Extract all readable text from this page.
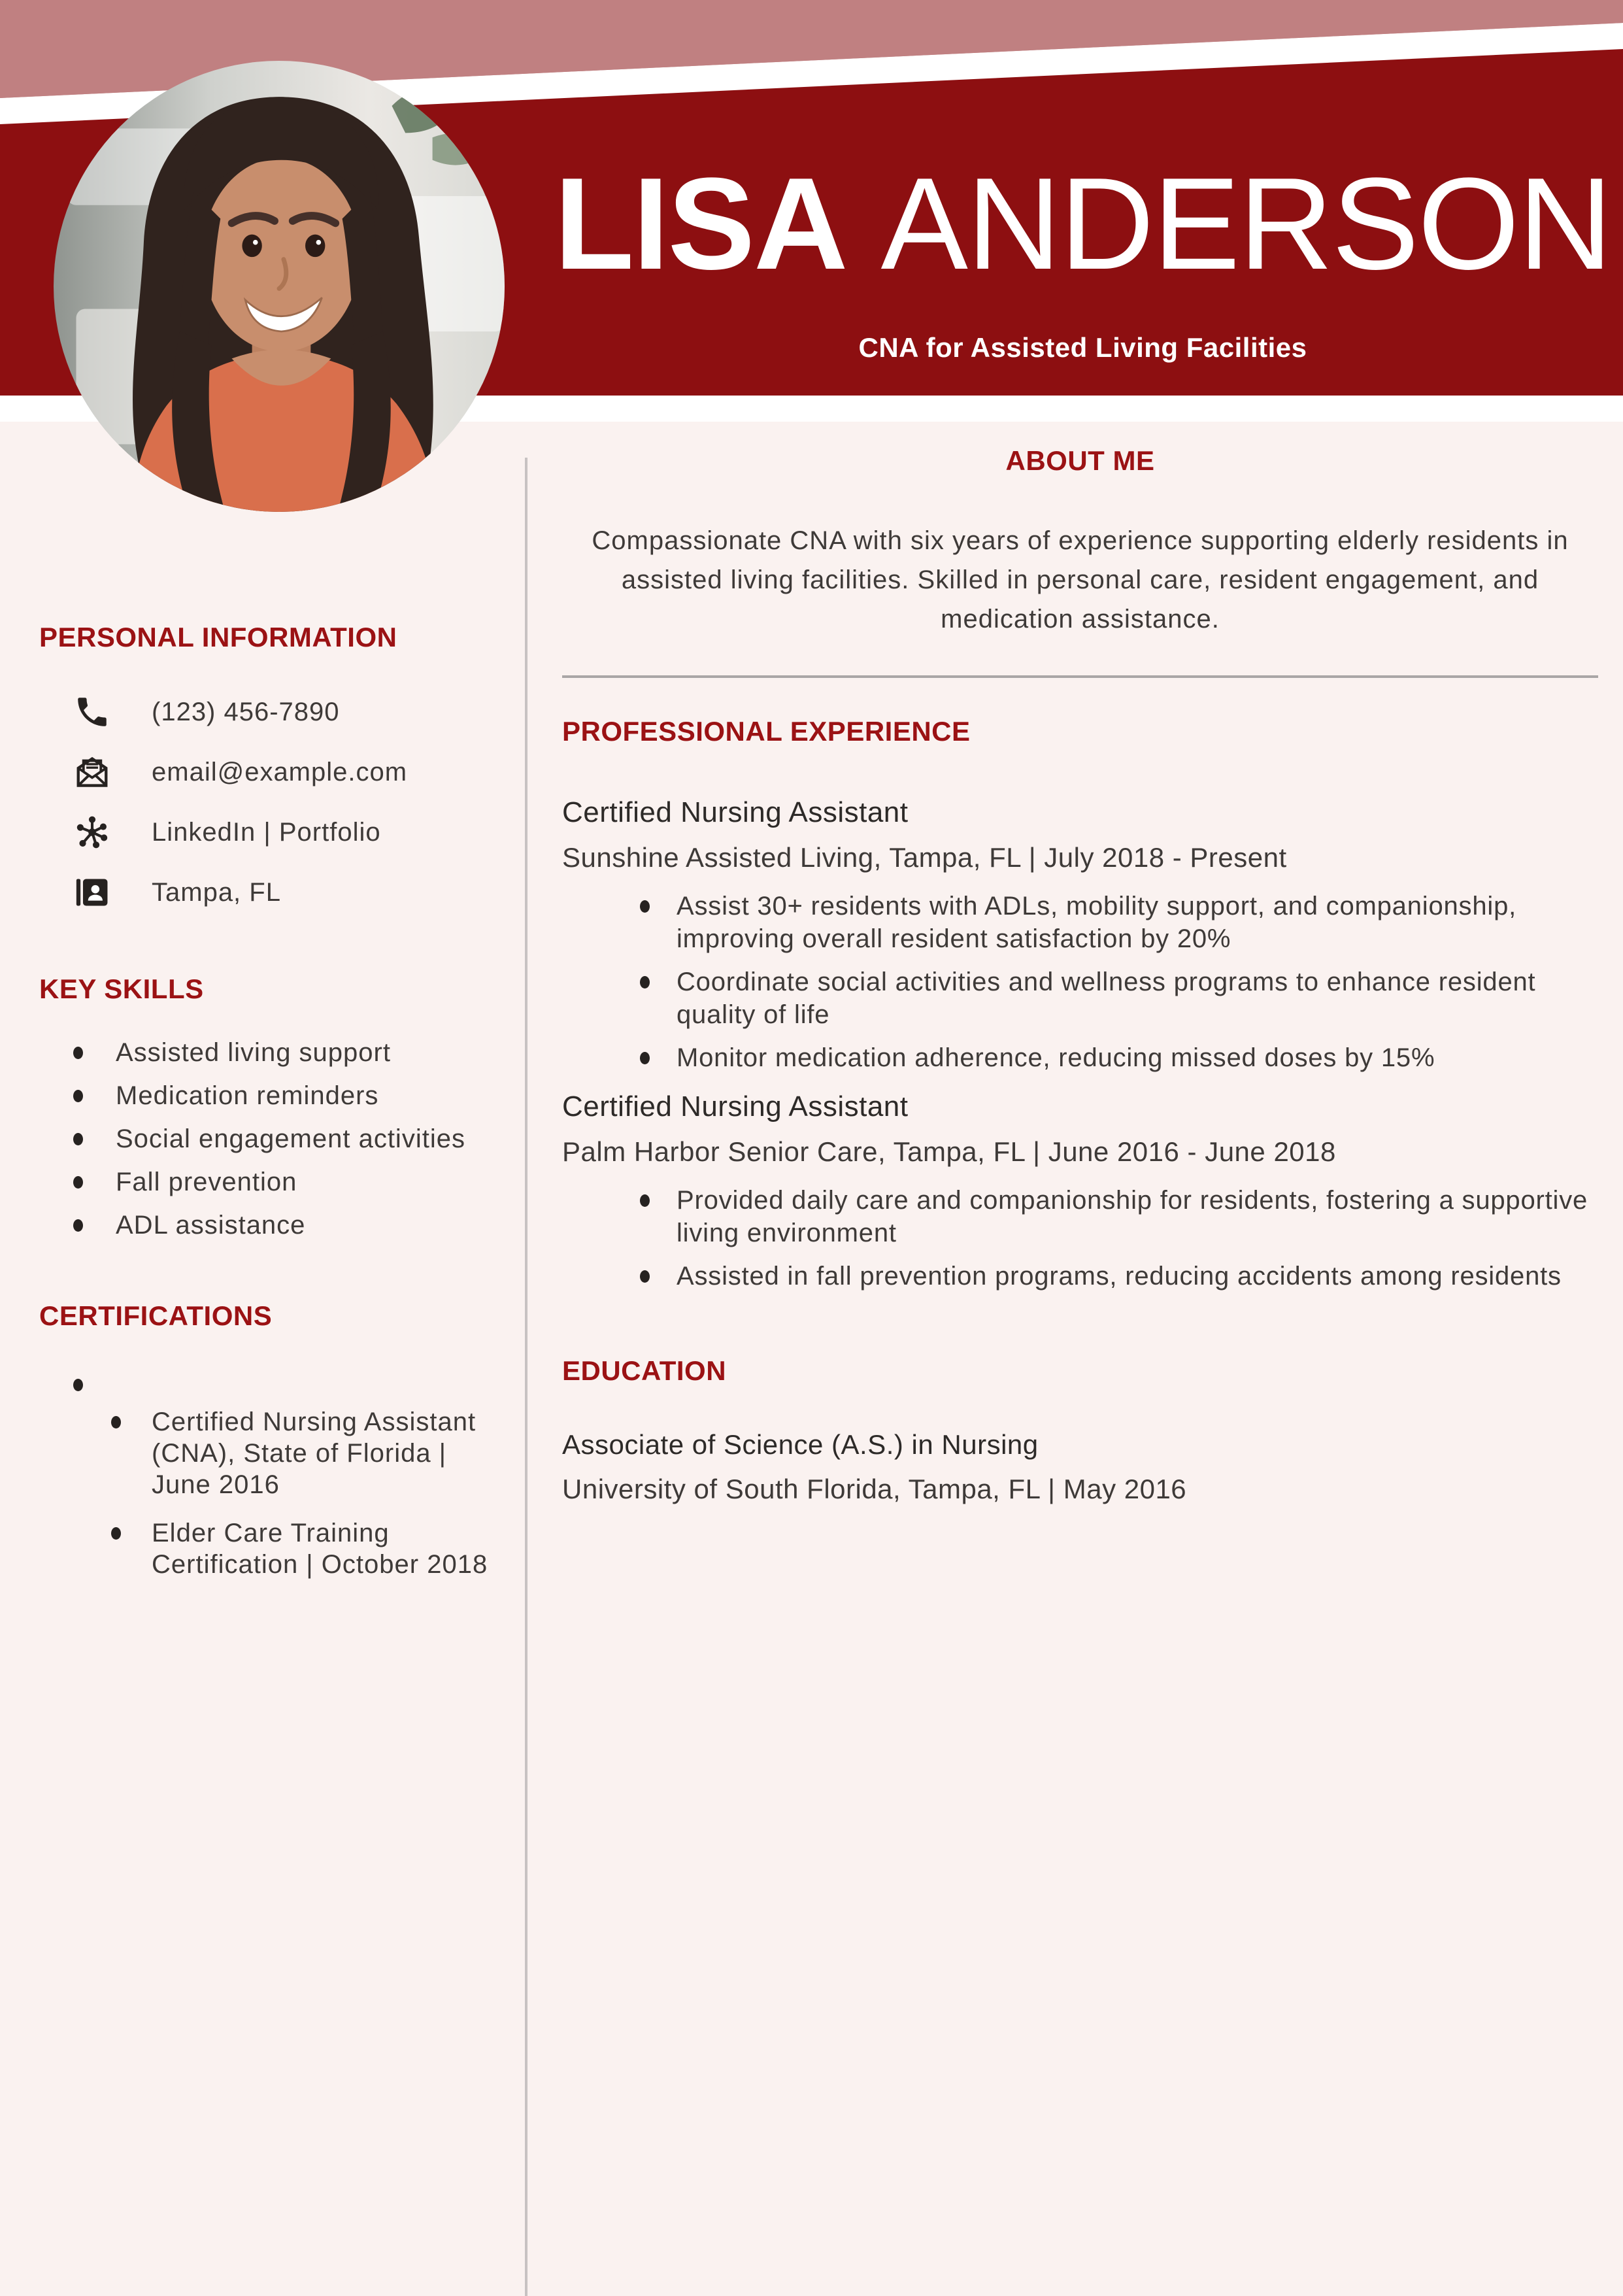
LISA ANDERSON
CNA for Assisted Living Facilities
PERSONAL INFORMATION
(123) 456-7890
email@example.com
LinkedIn | Portfolio
Tampa, FL
KEY SKILLS
Assisted living support
Medication reminders
Social engagement activities
Fall prevention
ADL assistance
CERTIFICATIONS
Certified Nursing Assistant (CNA), State of Florida | June 2016
Elder Care Training Certification | October 2018
ABOUT ME

Compassionate CNA with six years of experience supporting elderly residents in assisted living facilities. Skilled in personal care, resident engagement, and medication assistance.

PROFESSIONAL EXPERIENCE
Certified Nursing Assistant
Sunshine Assisted Living, Tampa, FL | July 2018 - Present
Assist 30+ residents with ADLs, mobility support, and companionship, improving overall resident satisfaction by 20%
Coordinate social activities and wellness programs to enhance resident quality of life
Monitor medication adherence, reducing missed doses by 15%
Certified Nursing Assistant
Palm Harbor Senior Care, Tampa, FL | June 2016 - June 2018
Provided daily care and companionship for residents, fostering a supportive living environment
Assisted in fall prevention programs, reducing accidents among residents
EDUCATION
Associate of Science (A.S.) in Nursing
University of South Florida, Tampa, FL | May 2016
